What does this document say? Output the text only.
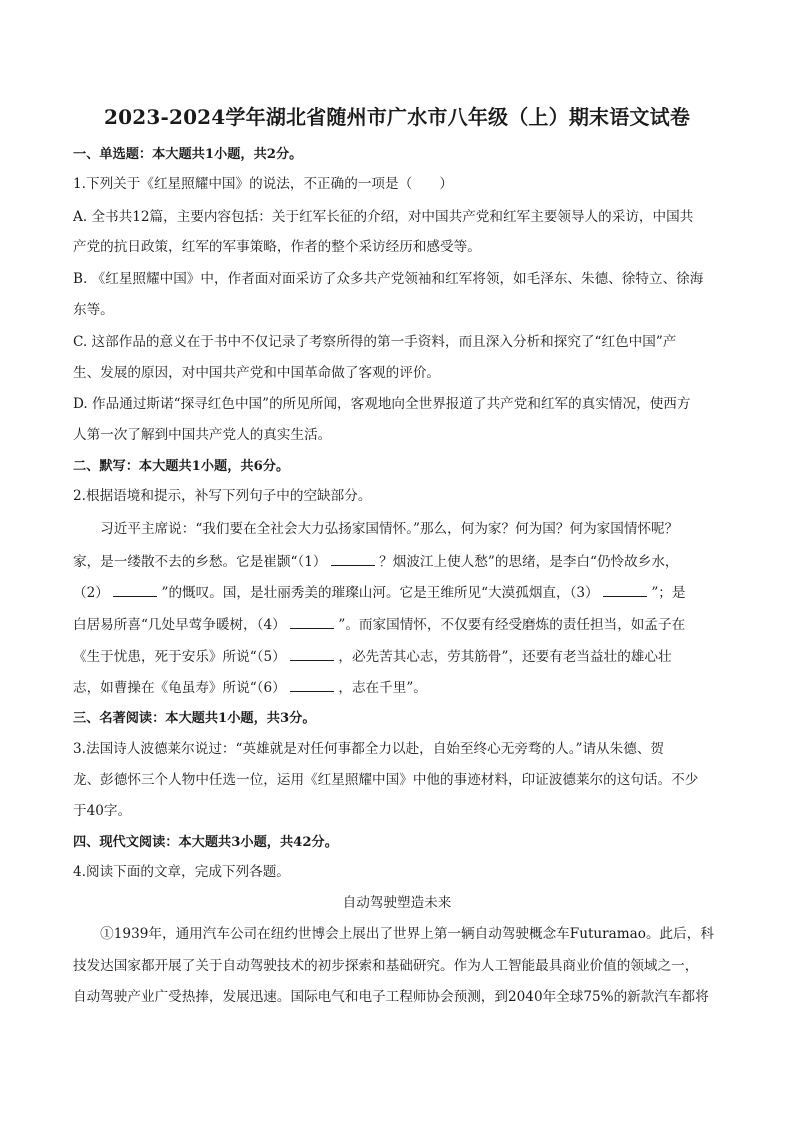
2023-2024学年湖北省随州市广水市八年级（上）期末语文试卷
一、单选题：本大题共1小题，共2分。
1.下列关于《红星照耀中国》的说法，不正确的一项是（　　）
A. 全书共12篇，主要内容包括：关于红军长征的介绍，对中国共产党和红军主要领导人的采访，中国共
产党的抗日政策，红军的军事策略，作者的整个采访经历和感受等。
B. 《红星照耀中国》中，作者面对面采访了众多共产党领袖和红军将领，如毛泽东、朱德、徐特立、徐海
东等。
C. 这部作品的意义在于书中不仅记录了考察所得的第一手资料，而且深入分析和探究了“红色中国”产
生、发展的原因，对中国共产党和中国革命做了客观的评价。
D. 作品通过斯诺“探寻红色中国”的所见所闻，客观地向全世界报道了共产党和红军的真实情况，使西方
人第一次了解到中国共产党人的真实生活。
二、默写：本大题共1小题，共6分。
2.根据语境和提示，补写下列句子中的空缺部分。
　　习近平主席说：“我们要在全社会大力弘扬家国情怀。”那么，何为家？何为国？何为家国情怀呢？
家，是一缕散不去的乡愁。它是崔颢“（1）	？烟波江上使人愁”的思绪，是李白“仍怜故乡水，
（2）	”的慨叹。国，是壮丽秀美的璀璨山河。它是王维所见“大漠孤烟直，（3）	”；是
白居易所喜“几处早莺争暖树，（4）	”。而家国情怀，不仅要有经受磨炼的责任担当，如孟子在
《生于忧患，死于安乐》所说“（5）	，必先苦其心志，劳其筋骨”，还要有老当益壮的雄心壮
志，如曹操在《龟虽寿》所说“（6）	，志在千里”。
三、名著阅读：本大题共1小题，共3分。
3.法国诗人波德莱尔说过：“英雄就是对任何事都全力以赴，自始至终心无旁骛的人。”请从朱德、贺
龙、彭德怀三个人物中任选一位，运用《红星照耀中国》中他的事迹材料，印证波德莱尔的这句话。不少
于40字。
四、现代文阅读：本大题共3小题，共42分。
4.阅读下面的文章，完成下列各题。
自动驾驶塑造未来
　　①1939年，通用汽车公司在纽约世博会上展出了世界上第一辆自动驾驶概念车Futuramao。此后，科
技发达国家都开展了关于自动驾驶技术的初步探索和基础研究。作为人工智能最具商业价值的领域之一，
自动驾驶产业广受热捧，发展迅速。国际电气和电子工程师协会预测，到2040年全球75%的新款汽车都将
